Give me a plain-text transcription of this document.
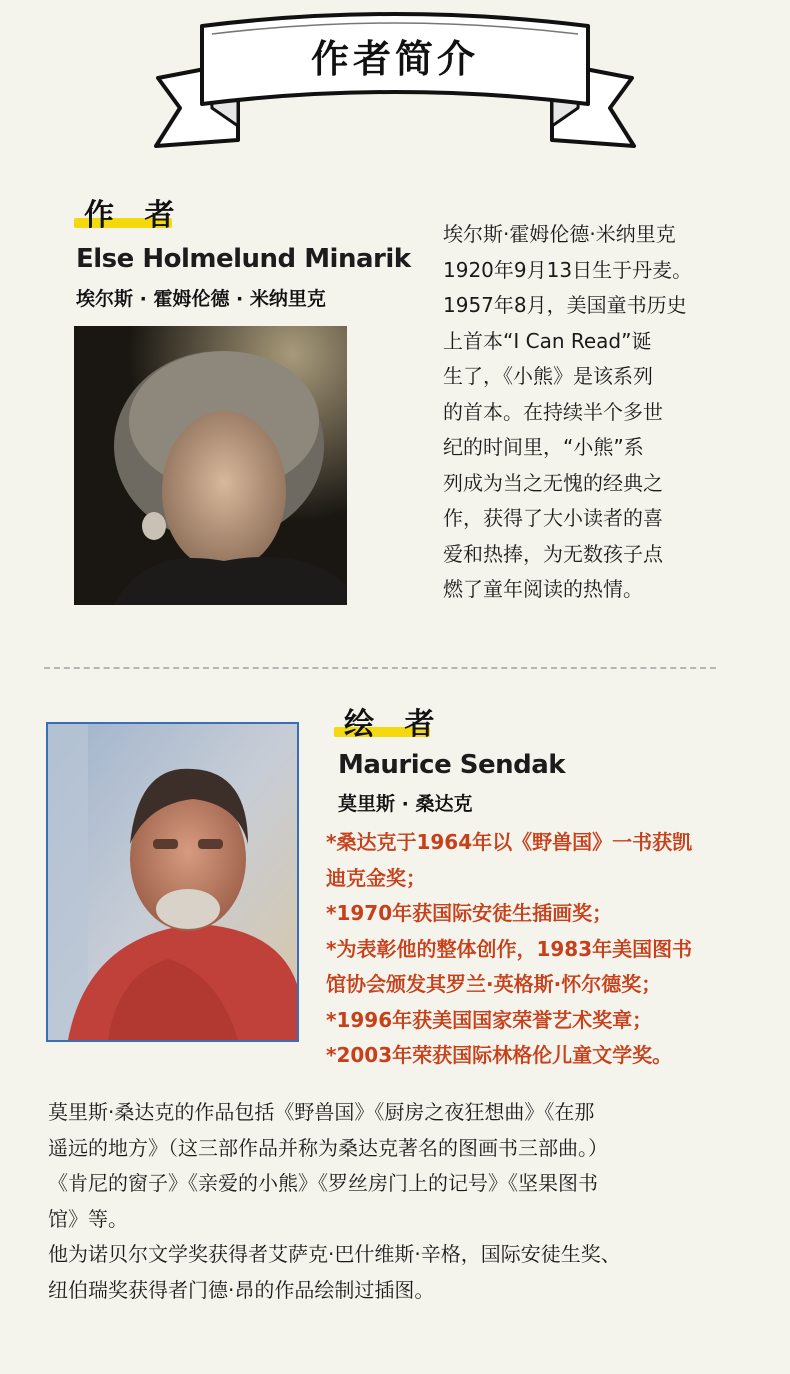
作者简介
作 者
Else Holmelund Minarik
埃尔斯 · 霍姆伦德 · 米纳里克
埃尔斯·霍姆伦德·米纳里克
1920年9月13日生于丹麦。
1957年8月，美国童书历史
上首本“I Can Read”诞
生了，《小熊》是该系列
的首本。在持续半个多世
纪的时间里，“小熊”系
列成为当之无愧的经典之
作，获得了大小读者的喜
爱和热捧，为无数孩子点
燃了童年阅读的热情。
绘 者
Maurice Sendak
莫里斯 · 桑达克
*桑达克于1964年以《野兽国》一书获凯
迪克金奖；
*1970年获国际安徒生插画奖；
*为表彰他的整体创作，1983年美国图书
馆协会颁发其罗兰·英格斯·怀尔德奖；
*1996年获美国国家荣誉艺术奖章；
*2003年荣获国际林格伦儿童文学奖。
莫里斯·桑达克的作品包括《野兽国》《厨房之夜狂想曲》《在那
遥远的地方》（这三部作品并称为桑达克著名的图画书三部曲。）
《肯尼的窗子》《亲爱的小熊》《罗丝房门上的记号》《坚果图书
馆》等。
他为诺贝尔文学奖获得者艾萨克·巴什维斯·辛格，国际安徒生奖、
纽伯瑞奖获得者门德·昂的作品绘制过插图。
